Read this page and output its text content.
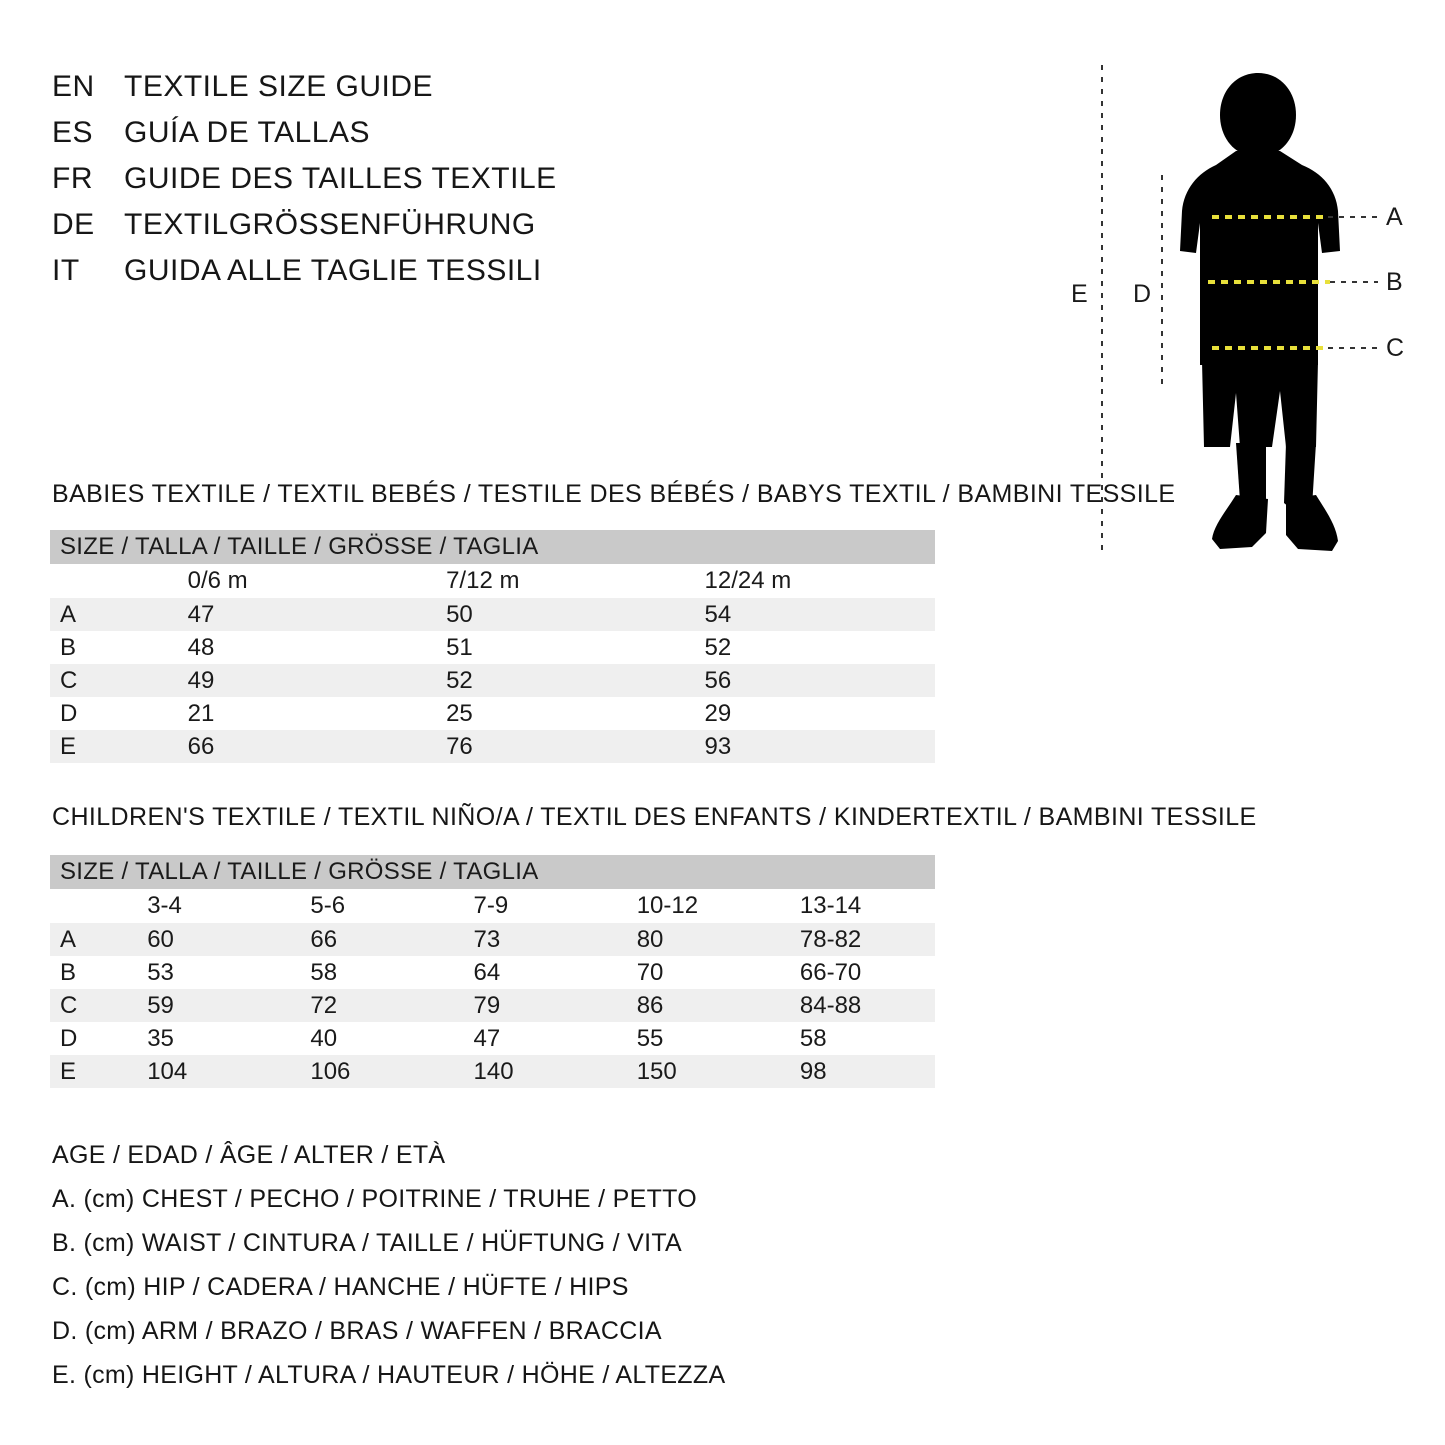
EN TEXTILE SIZE GUIDE
ES	GUÍA DE TALLAS
FR	GUIDE DES TAILLES TEXTILE
DE TEXTILGRÖSSENFÜHRUNG
IT	GUIDA ALLE TAGLIE TESSILI
A
B
C
D
E
BABIES TEXTILE / TEXTIL BEBÉS / TESTILE DES BÉBÉS / BABYS TEXTIL / BAMBINI TESSILE
SIZE / TALLA / TAILLE / GRÖSSE / TAGLIA			

	0/6 m	7/12 m	12/24 m

A	47	50	54

B	48	51	52

C	49	52	56

D	21	25	29

E	66	76	93
CHILDREN'S TEXTILE / TEXTIL NIÑO/A / TEXTIL DES ENFANTS / KINDERTEXTIL / BAMBINI TESSILE
SIZE / TALLA / TAILLE / GRÖSSE / TAGLIA					

	3-4	5-6	7-9	10-12	13-14

A	60	66	73	80	78-82

B	53	58	64	70	66-70

C	59	72	79	86	84-88

D	35	40	47	55	58

E	104	106	140	150	98
AGE / EDAD / ÂGE / ALTER / ETÀ
A. (cm) CHEST / PECHO / POITRINE / TRUHE / PETTO
B. (cm) WAIST / CINTURA / TAILLE / HÜFTUNG / VITA
C. (cm) HIP / CADERA / HANCHE / HÜFTE / HIPS
D. (cm) ARM / BRAZO / BRAS / WAFFEN / BRACCIA
E. (cm) HEIGHT / ALTURA / HAUTEUR / HÖHE / ALTEZZA
